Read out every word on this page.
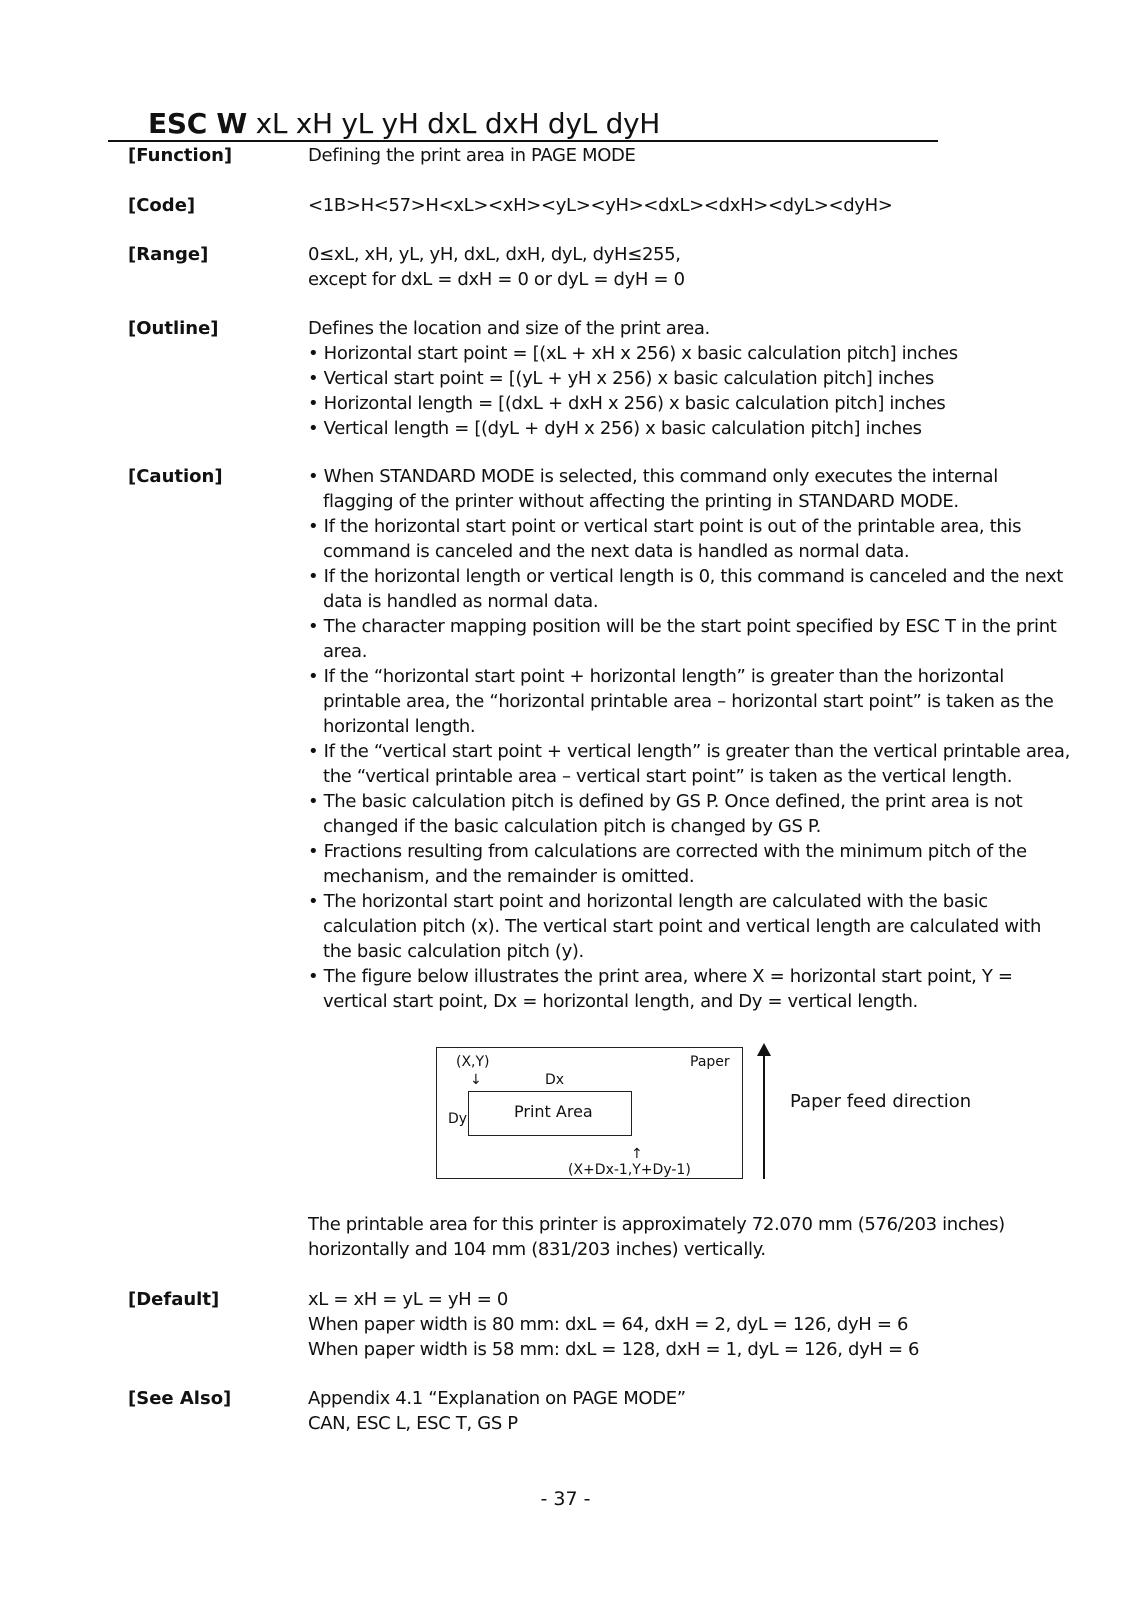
ESC W xL xH yL yH dxL dxH dyL dyH
[Function]	Defining the print area in PAGE MODE
[Code]	<1B>H<57>H<xL><xH><yL><yH><dxL><dxH><dyL><dyH>
[Range]	0≤xL, xH, yL, yH, dxL, dxH, dyL, dyH≤255,
except for dxL = dxH = 0 or dyL = dyH = 0
[Outline]	Defines the location and size of the print area.
• Horizontal start point = [(xL + xH x 256) x basic calculation pitch] inches
• Vertical start point = [(yL + yH x 256) x basic calculation pitch] inches
• Horizontal length = [(dxL + dxH x 256) x basic calculation pitch] inches
• Vertical length = [(dyL + dyH x 256) x basic calculation pitch] inches
[Caution]	• When STANDARD MODE is selected, this command only executes the internal
flagging of the printer without affecting the printing in STANDARD MODE.
• If the horizontal start point or vertical start point is out of the printable area, this
command is canceled and the next data is handled as normal data.
• If the horizontal length or vertical length is 0, this command is canceled and the next
data is handled as normal data.
• The character mapping position will be the start point specified by ESC T in the print
area.
• If the “horizontal start point + horizontal length” is greater than the horizontal
printable area, the “horizontal printable area – horizontal start point” is taken as the
horizontal length.
• If the “vertical start point + vertical length” is greater than the vertical printable area,
the “vertical printable area – vertical start point” is taken as the vertical length.
• The basic calculation pitch is defined by GS P. Once defined, the print area is not
changed if the basic calculation pitch is changed by GS P.
• Fractions resulting from calculations are corrected with the minimum pitch of the
mechanism, and the remainder is omitted.
• The horizontal start point and horizontal length are calculated with the basic
calculation pitch (x). The vertical start point and vertical length are calculated with
the basic calculation pitch (y).
• The figure below illustrates the print area, where X = horizontal start point, Y =
vertical start point, Dx = horizontal length, and Dy = vertical length.
(X,Y)	Paper
↓	Dx
Dy	Print Area
↑
(X+Dx-1,Y+Dy-1)
Paper feed direction
The printable area for this printer is approximately 72.070 mm (576/203 inches)
horizontally and 104 mm (831/203 inches) vertically.
[Default]	xL = xH = yL = yH = 0
When paper width is 80 mm: dxL = 64, dxH = 2, dyL = 126, dyH = 6
When paper width is 58 mm: dxL = 128, dxH = 1, dyL = 126, dyH = 6
[See Also]	Appendix 4.1 “Explanation on PAGE MODE”
CAN, ESC L, ESC T, GS P
- 37 -
